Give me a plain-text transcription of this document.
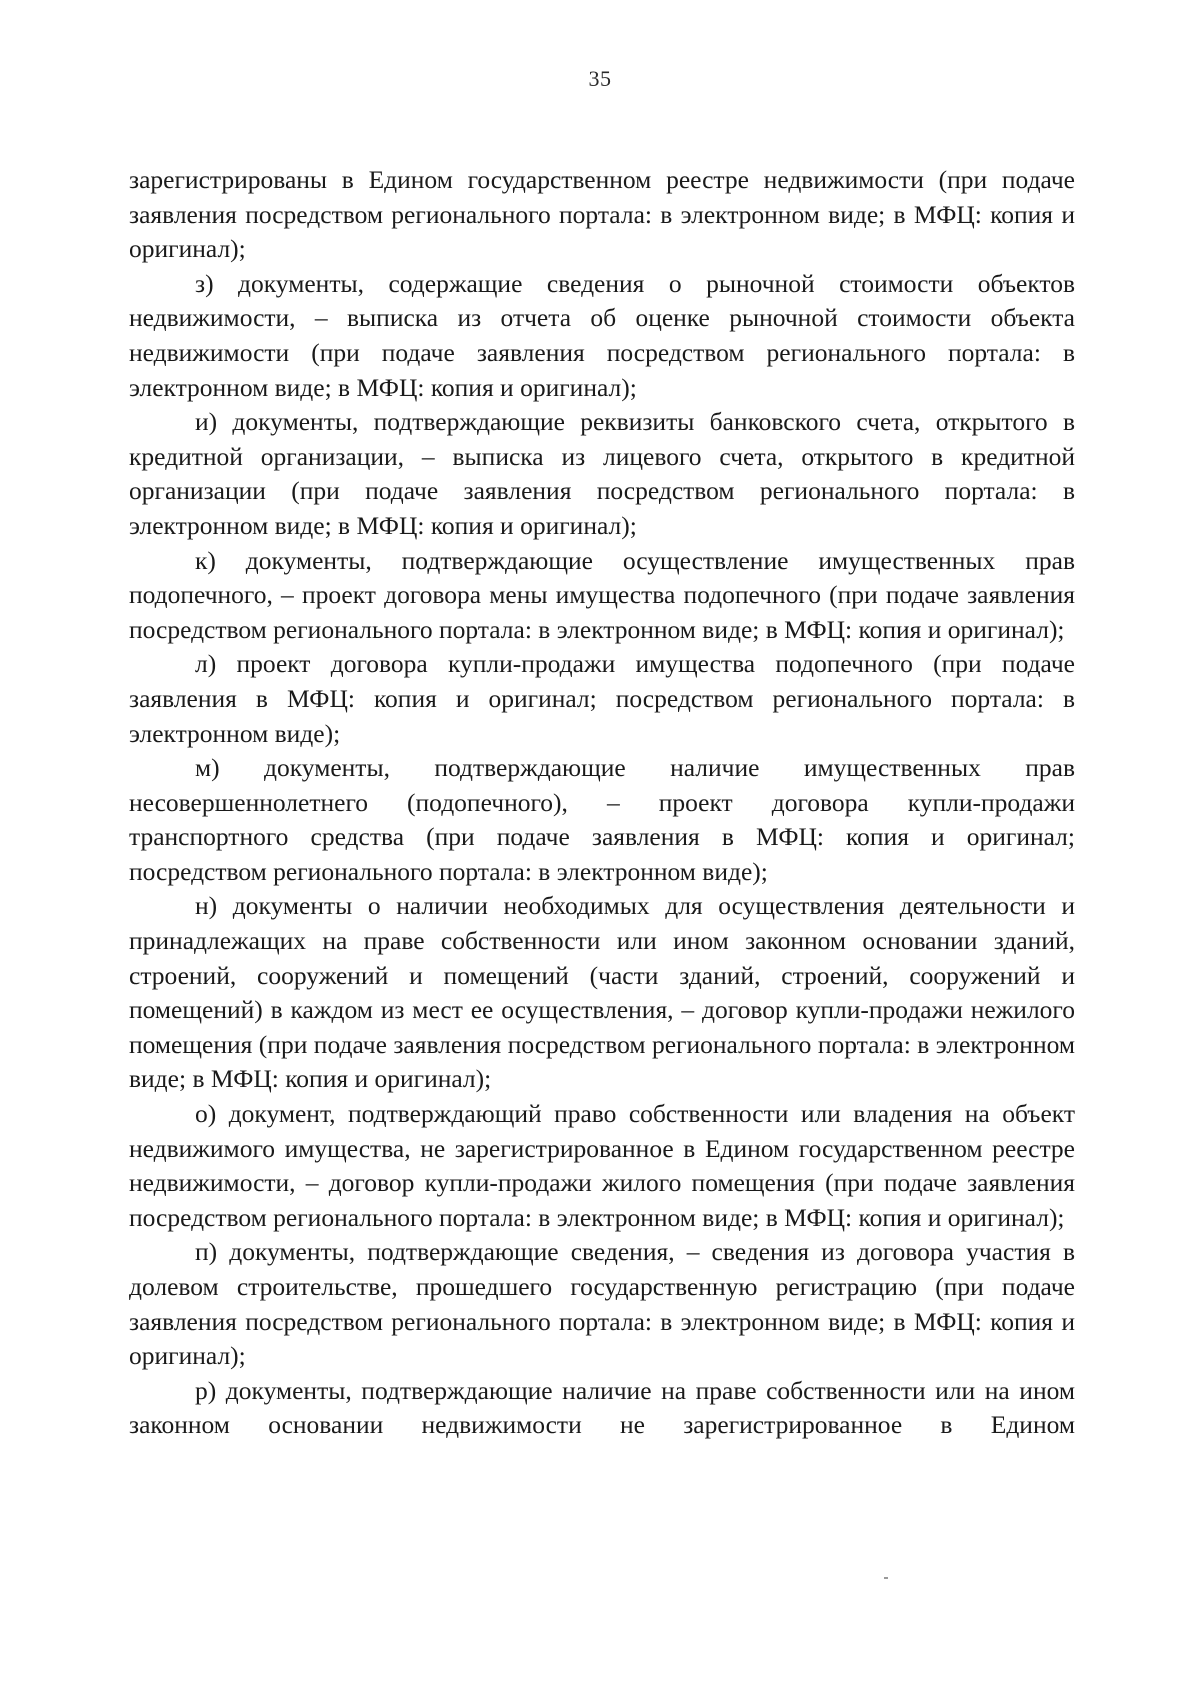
35

зарегистрированы в Едином государственном реестре недвижимости (при подаче заявления посредством регионального портала: в электронном виде; в МФЦ: копия и оригинал);

з) документы, содержащие сведения о рыночной стоимости объектов недвижимости, – выписка из отчета об оценке рыночной стоимости объекта недвижимости (при подаче заявления посредством регионального портала: в электронном виде; в МФЦ: копия и оригинал);

и) документы, подтверждающие реквизиты банковского счета, открытого в кредитной организации, – выписка из лицевого счета, открытого в кредитной организации (при подаче заявления посредством регионального портала: в электронном виде; в МФЦ: копия и оригинал);

к) документы, подтверждающие осуществление имущественных прав подопечного, – проект договора мены имущества подопечного (при подаче заявления посредством регионального портала: в электронном виде; в МФЦ: копия и оригинал);

л) проект договора купли-продажи имущества подопечного (при подаче заявления в МФЦ: копия и оригинал; посредством регионального портала: в электронном виде);

м) документы, подтверждающие наличие имущественных прав несовершеннолетнего (подопечного), – проект договора купли-продажи транспортного средства (при подаче заявления в МФЦ: копия и оригинал; посредством регионального портала: в электронном виде);

н) документы о наличии необходимых для осуществления деятельности и принадлежащих на праве собственности или ином законном основании зданий, строений, сооружений и помещений (части зданий, строений, сооружений и помещений) в каждом из мест ее осуществления, – договор купли-продажи нежилого помещения (при подаче заявления посредством регионального портала: в электронном виде; в МФЦ: копия и оригинал);

о) документ, подтверждающий право собственности или владения на объект недвижимого имущества, не зарегистрированное в Едином государственном реестре недвижимости, – договор купли-продажи жилого помещения (при подаче заявления посредством регионального портала: в электронном виде; в МФЦ: копия и оригинал);

п) документы, подтверждающие сведения, – сведения из договора участия в долевом строительстве, прошедшего государственную регистрацию (при подаче заявления посредством регионального портала: в электронном виде; в МФЦ: копия и оригинал);

р) документы, подтверждающие наличие на праве собственности или на ином законном основании недвижимости не зарегистрированное в Едином
